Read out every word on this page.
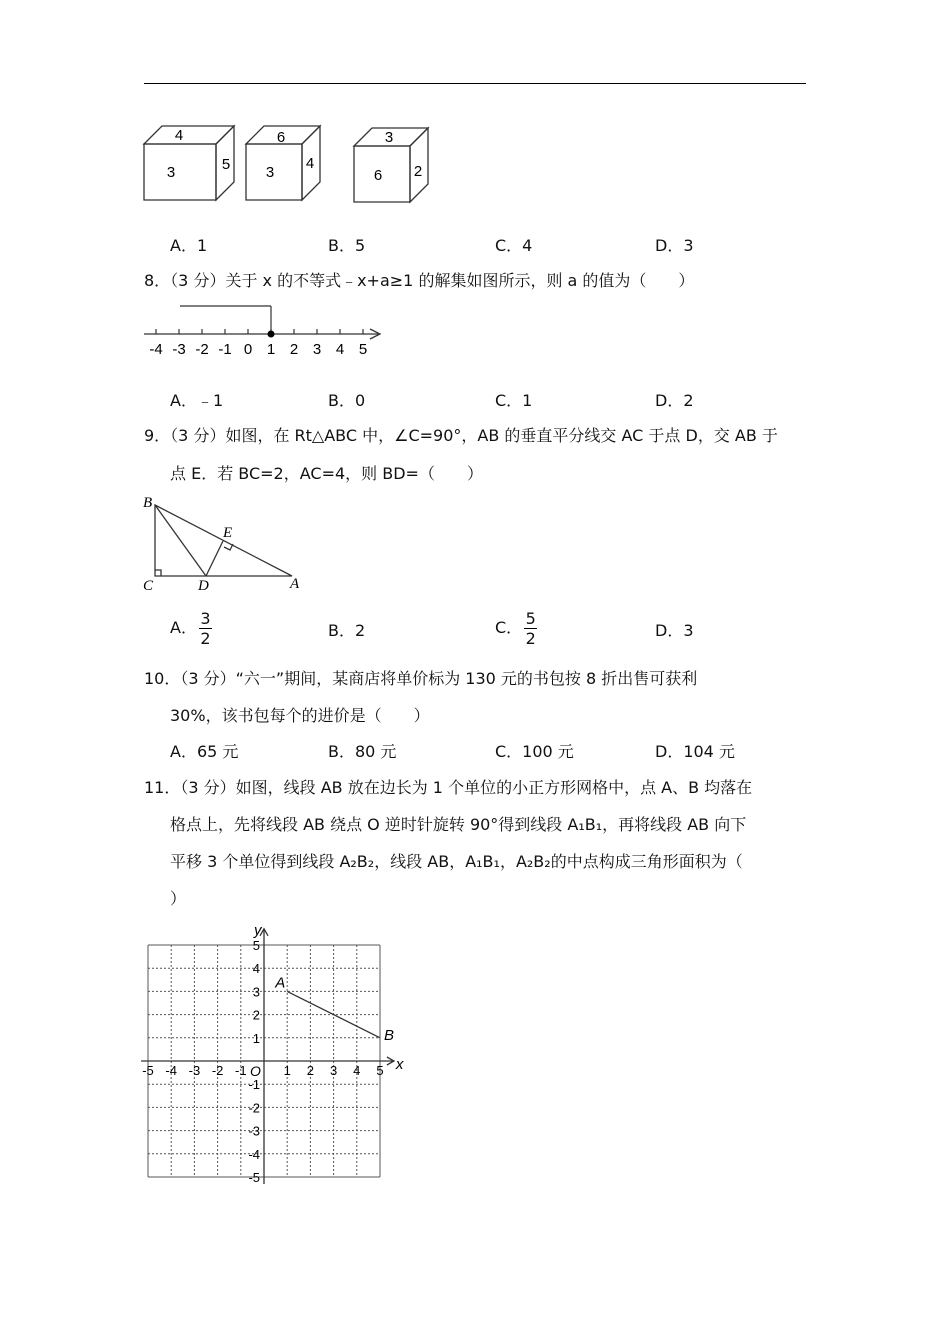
4
3	5
6
3
4
3
6 2
A．1	B．5	C．4	D．3
8．（3 分）关于 x 的不等式﹣x+a≥1 的解集如图所示，则 a 的值为（　　）
-4 -3 -2 -1 0 1 2 3 4 5
A．﹣1	B．0	C．1	D．2
9．（3 分）如图，在 Rt△ABC 中，∠C=90°，AB 的垂直平分线交 AC 于点 D，交 AB 于
点 E．若 BC=2，AC=4，则 BD=（　　）
B
E
C	D	A
A． $\frac{3}{2}$	B．2	C． $\frac{5}{2}$	D．3
10．（3 分）“六一”期间，某商店将单价标为 130 元的书包按 8 折出售可获利
30%，该书包每个的进价是（　　）
A．65 元	B．80 元	C．100 元	D．104 元
11．（3 分）如图，线段 AB 放在边长为 1 个单位的小正方形网格中，点 A、B 均落在
格点上，先将线段 AB 绕点 O 逆时针旋转 90°得到线段 A₁B₁，再将线段 AB 向下
平移 3 个单位得到线段 A₂B₂，线段 AB，A₁B₁，A₂B₂的中点构成三角形面积为（
）
x
y
O
-5 -4 -3 -2 -1	1 2 3 4 5
5
4
3
2
1
-1
-2
-3
-4
-5
A
B
